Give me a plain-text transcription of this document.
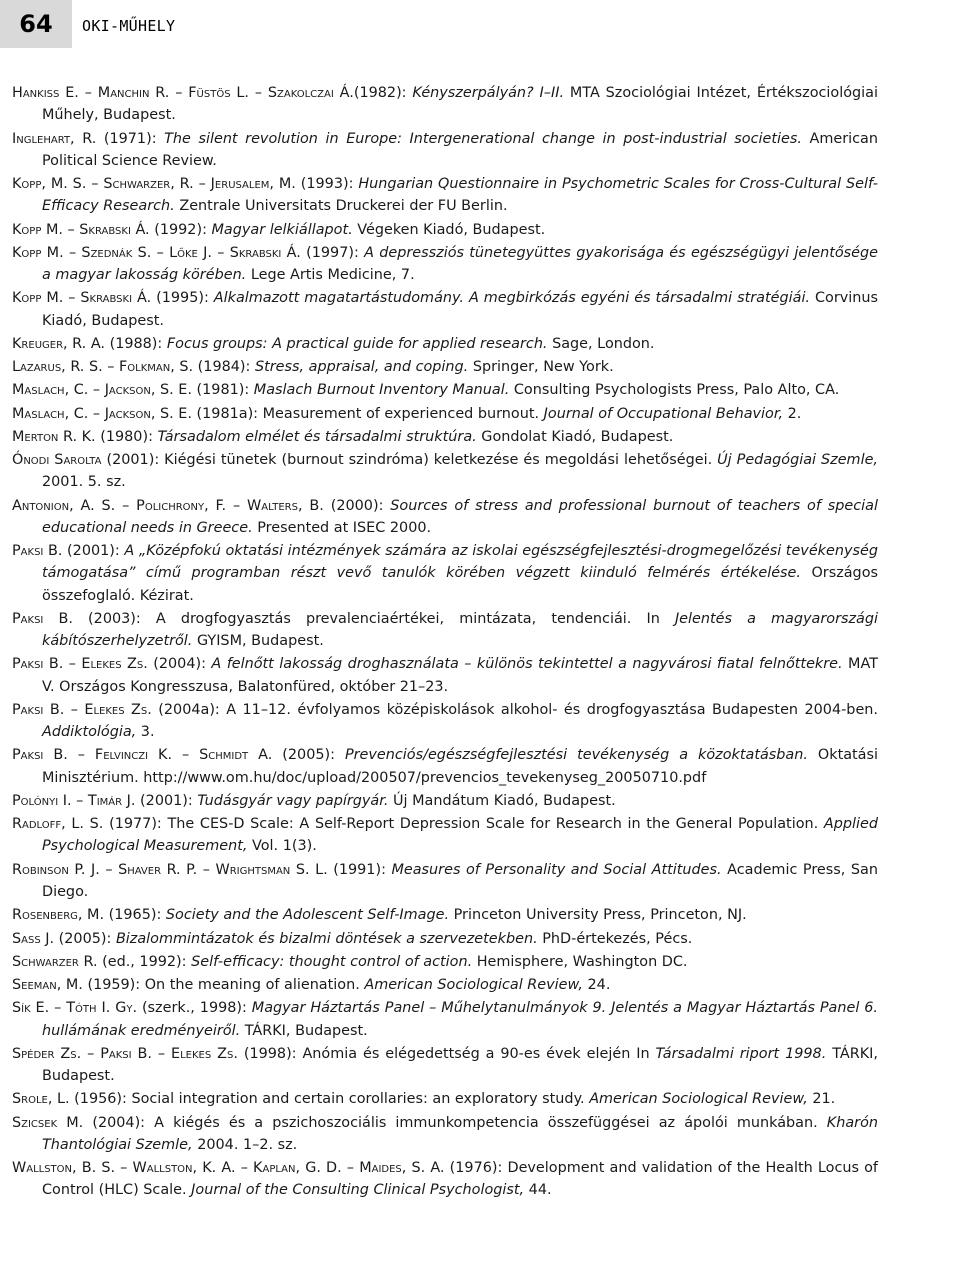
64	OKI-MŰHELY

Hankiss E. – Manchin R. – Füstös L. – Szakolczai Á.(1982): Kényszerpályán? I–II. MTA Szociológiai Intézet, Értékszociológiai Műhely, Budapest.

Inglehart, R. (1971): The silent revolution in Europe: Intergenerational change in post-industrial societies. American Political Science Review.

Kopp, M. S. – Schwarzer, R. – Jerusalem, M. (1993): Hungarian Questionnaire in Psychometric Scales for Cross-Cultural Self-Efficacy Research. Zentrale Universitats Druckerei der FU Berlin.

Kopp M. – Skrabski Á. (1992): Magyar lelkiállapot. Végeken Kiadó, Budapest.

Kopp M. – Szednák S. – Lőke J. – Skrabski Á. (1997): A depressziós tünetegyüttes gyakorisága és egészségügyi jelentősége a magyar lakosság körében. Lege Artis Medicine, 7.

Kopp M. – Skrabski Á. (1995): Alkalmazott magatartástudomány. A megbirkózás egyéni és társadalmi stratégiái. Corvinus Kiadó, Budapest.

Kreuger, R. A. (1988): Focus groups: A practical guide for applied research. Sage, London.

Lazarus, R. S. – Folkman, S. (1984): Stress, appraisal, and coping. Springer, New York.

Maslach, C. – Jackson, S. E. (1981): Maslach Burnout Inventory Manual. Consulting Psychologists Press, Palo Alto, CA.

Maslach, C. – Jackson, S. E. (1981a): Measurement of experienced burnout. Journal of Occupational Behavior, 2.

Merton R. K. (1980): Társadalom elmélet és társadalmi struktúra. Gondolat Kiadó, Budapest.

Ónodi Sarolta (2001): Kiégési tünetek (burnout szindróma) keletkezése és megoldási lehetőségei. Új Pedagógiai Szemle, 2001. 5. sz.

Antonion, A. S. – Polichrony, F. – Walters, B. (2000): Sources of stress and professional burnout of teachers of special educational needs in Greece. Presented at ISEC 2000.

Paksi B. (2001): A „Középfokú oktatási intézmények számára az iskolai egészségfejlesztési-drogmegelőzési tevékenység támogatása” című programban részt vevő tanulók körében végzett kiinduló felmérés értékelése. Országos összefoglaló. Kézirat.

Paksi B. (2003): A drogfogyasztás prevalenciaértékei, mintázata, tendenciái. In Jelentés a magyarországi kábítószerhelyzetről. GYISM, Budapest.

Paksi B. – Elekes Zs. (2004): A felnőtt lakosság droghasználata – különös tekintettel a nagyvárosi fiatal felnőttekre. MAT V. Országos Kongresszusa, Balatonfüred, október 21–23.

Paksi B. – Elekes Zs. (2004a): A 11–12. évfolyamos középiskolások alkohol- és drogfogyasztása Budapesten 2004-ben. Addiktológia, 3.

Paksi B. – Felvinczi K. – Schmidt A. (2005): Prevenciós/egészségfejlesztési tevékenység a közoktatásban. Oktatási Minisztérium. http://www.om.hu/doc/upload/200507/prevencios_tevekenyseg_20050710.pdf

Polónyi I. – Timár J. (2001): Tudásgyár vagy papírgyár. Új Mandátum Kiadó, Budapest.

Radloff, L. S. (1977): The CES-D Scale: A Self-Report Depression Scale for Research in the General Population. Applied Psychological Measurement, Vol. 1(3).

Robinson P. J. – Shaver R. P. – Wrightsman S. L. (1991): Measures of Personality and Social Attitudes. Academic Press, San Diego.

Rosenberg, M. (1965): Society and the Adolescent Self-Image. Princeton University Press, Princeton, NJ.

Sass J. (2005): Bizalommintázatok és bizalmi döntések a szervezetekben. PhD-értekezés, Pécs.

Schwarzer R. (ed., 1992): Self-efficacy: thought control of action. Hemisphere, Washington DC.

Seeman, M. (1959): On the meaning of alienation. American Sociological Review, 24.

Sík E. – Tóth I. Gy. (szerk., 1998): Magyar Háztartás Panel – Műhelytanulmányok 9. Jelentés a Magyar Háztartás Panel 6. hullámának eredményeiről. TÁRKI, Budapest.

Spéder Zs. – Paksi B. – Elekes Zs. (1998): Anómia és elégedettség a 90-es évek elején In Társadalmi riport 1998. TÁRKI, Budapest.

Srole, L. (1956): Social integration and certain corollaries: an exploratory study. American Sociological Review, 21.

Szicsek M. (2004): A kiégés és a pszichoszociális immunkompetencia összefüggései az ápolói munkában. Kharón Thantológiai Szemle, 2004. 1–2. sz.

Wallston, B. S. – Wallston, K. A. – Kaplan, G. D. – Maides, S. A. (1976): Development and validation of the Health Locus of Control (HLC) Scale. Journal of the Consulting Clinical Psychologist, 44.
